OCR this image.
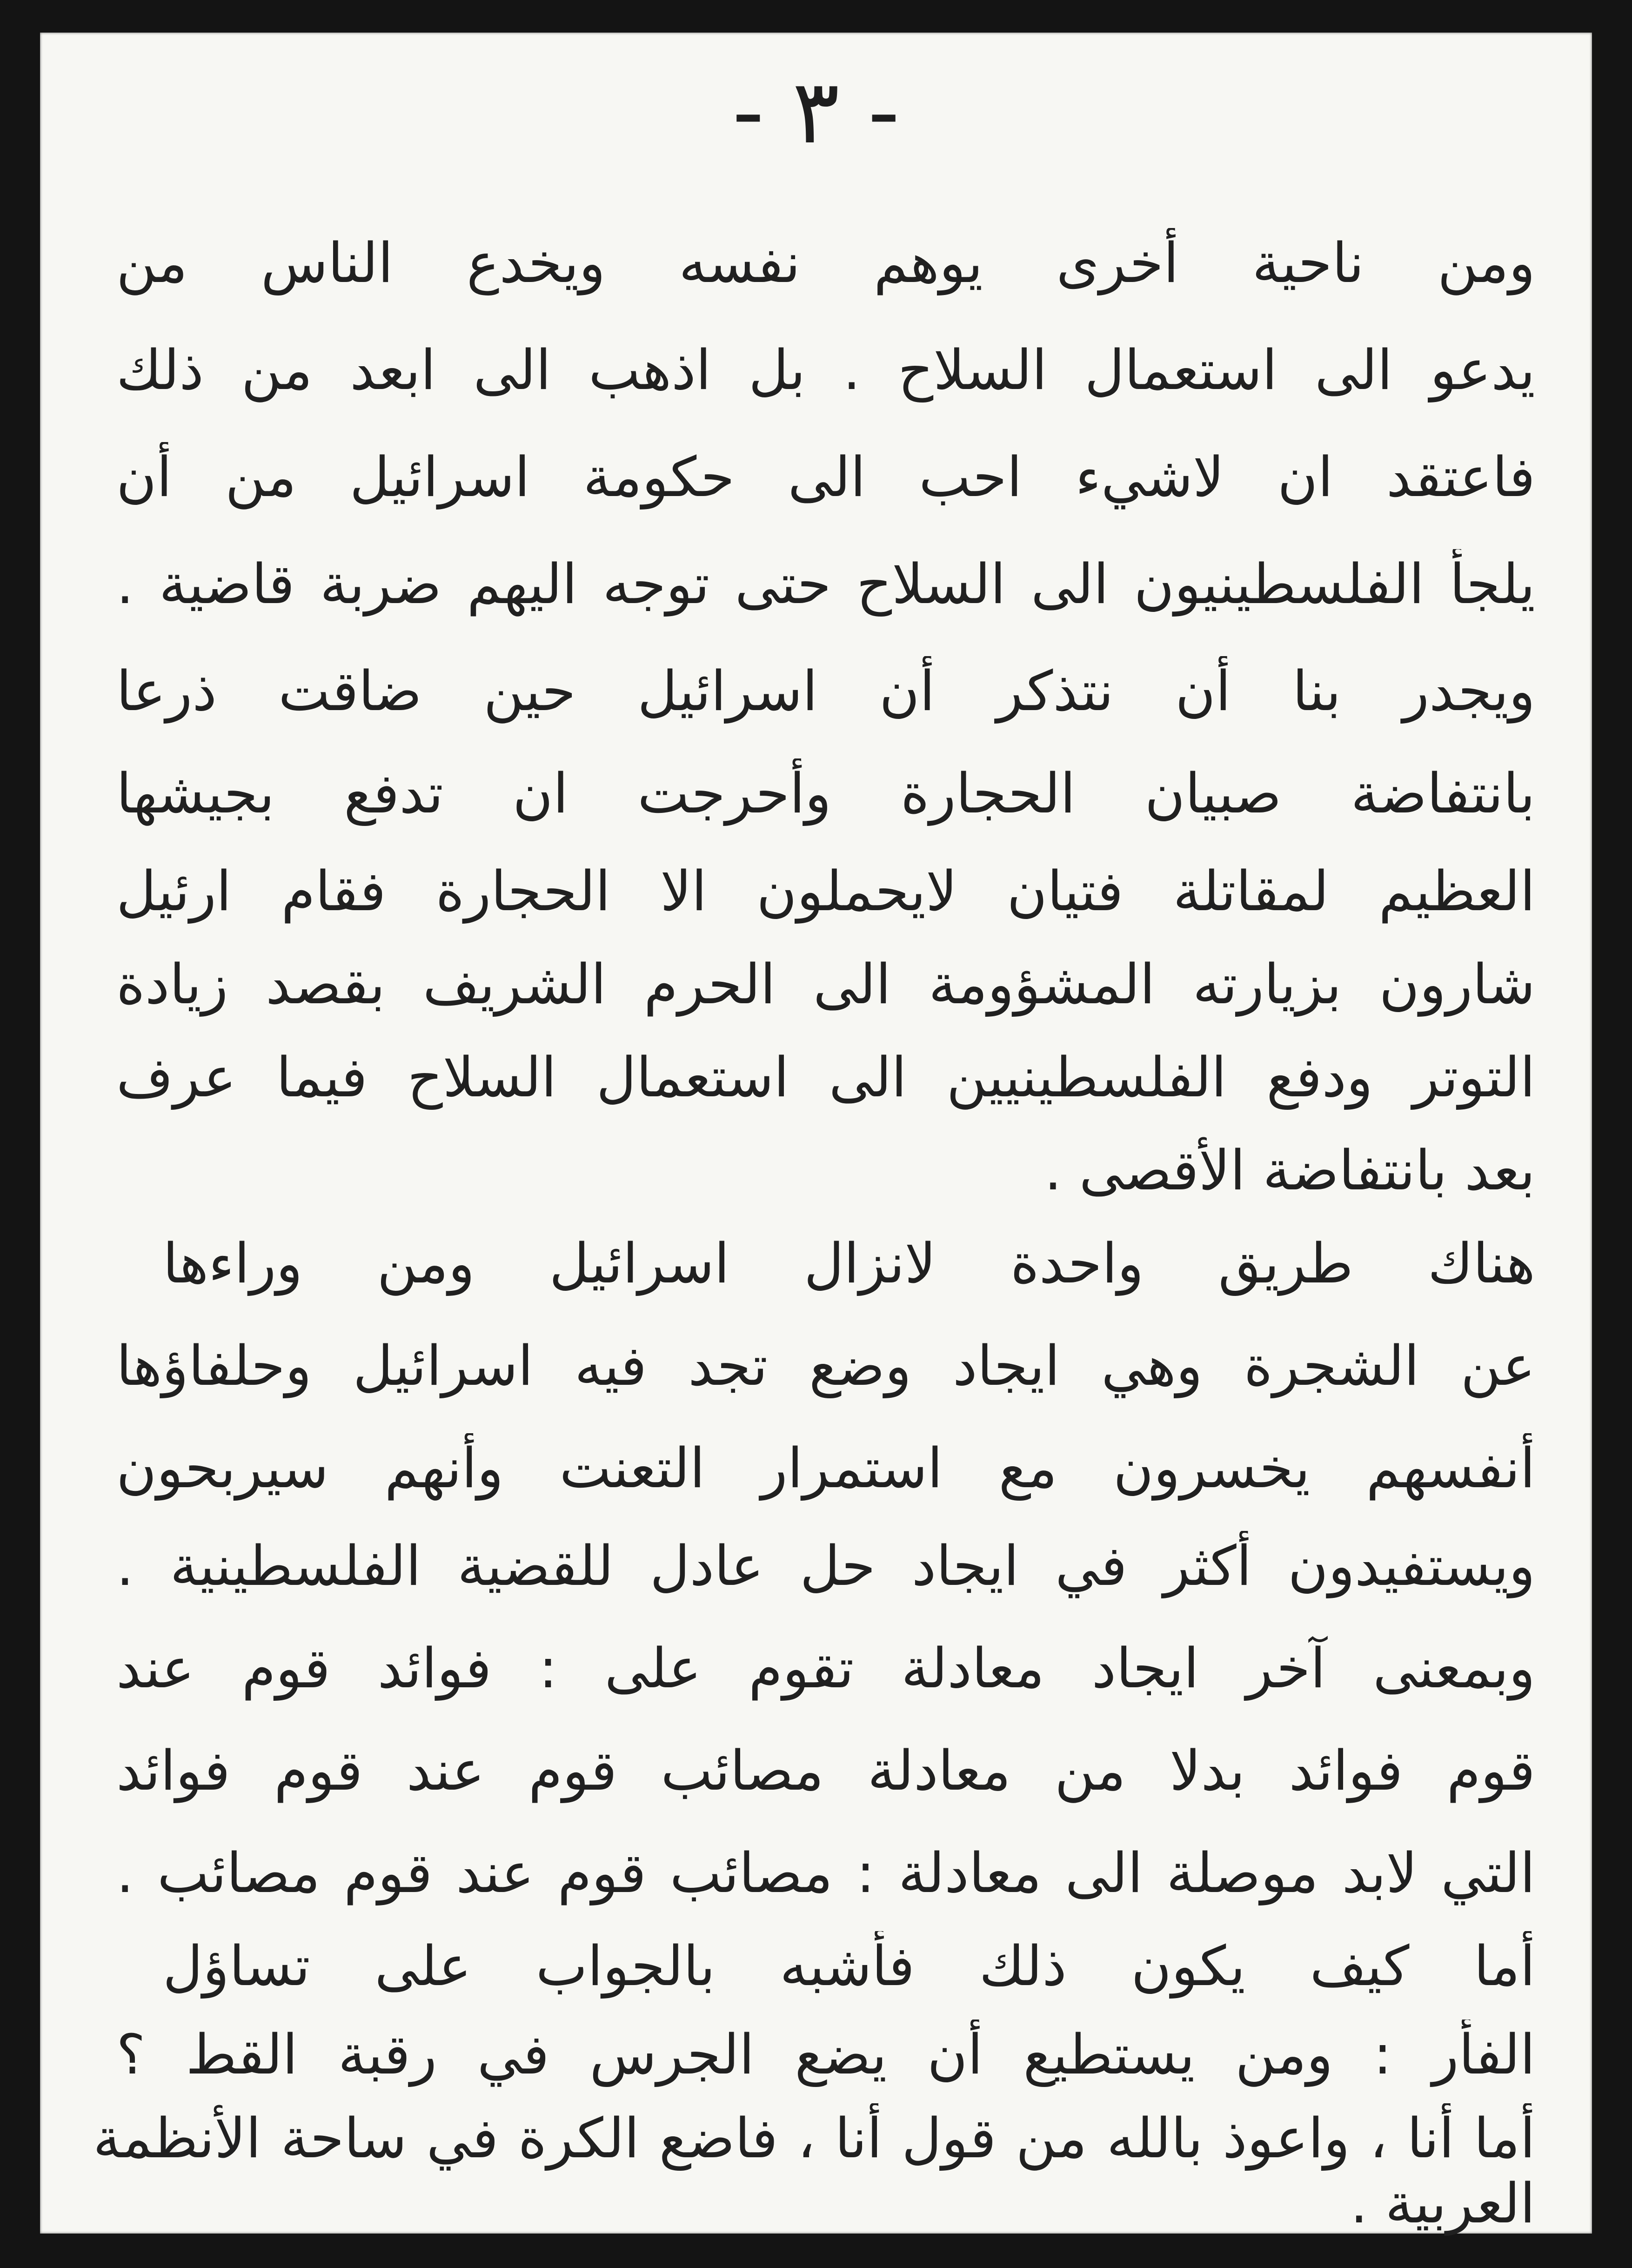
- ٣ -
ومن ناحية أخرى يوهم نفسه ويخدع الناس من
يدعو الى استعمال السلاح . بل اذهب الى ابعد من ذلك
فاعتقد ان لاشيء احب الى حكومة اسرائيل من أن
يلجأ الفلسطينيون الى السلاح حتى توجه اليهم ضربة قاضية .
ويجدر بنا أن نتذكر أن اسرائيل حين ضاقت ذرعا
بانتفاضة صبيان الحجارة وأحرجت ان تدفع بجيشها
العظيم لمقاتلة فتيان لايحملون الا الحجارة فقام ارئيل
شارون بزيارته المشؤومة الى الحرم الشريف بقصد زيادة
التوتر ودفع الفلسطينيين الى استعمال السلاح فيما عرف
بعد بانتفاضة الأقصى .
هناك طريق واحدة لانزال اسرائيل ومن وراءها
عن الشجرة وهي ايجاد وضع تجد فيه اسرائيل وحلفاؤها
أنفسهم يخسرون مع استمرار التعنت وأنهم سيربحون
ويستفيدون أكثر في ايجاد حل عادل للقضية الفلسطينية .
وبمعنى آخر ايجاد معادلة تقوم على : فوائد قوم عند
قوم فوائد بدلا من معادلة مصائب قوم عند قوم فوائد
التي لابد موصلة الى معادلة : مصائب قوم عند قوم مصائب .
أما كيف يكون ذلك فأشبه بالجواب على تساؤل
الفأر : ومن يستطيع أن يضع الجرس في رقبة القط ؟
أما أنا ، واعوذ بالله من قول أنا ، فاضع الكرة في ساحة الأنظمة
العربية .
